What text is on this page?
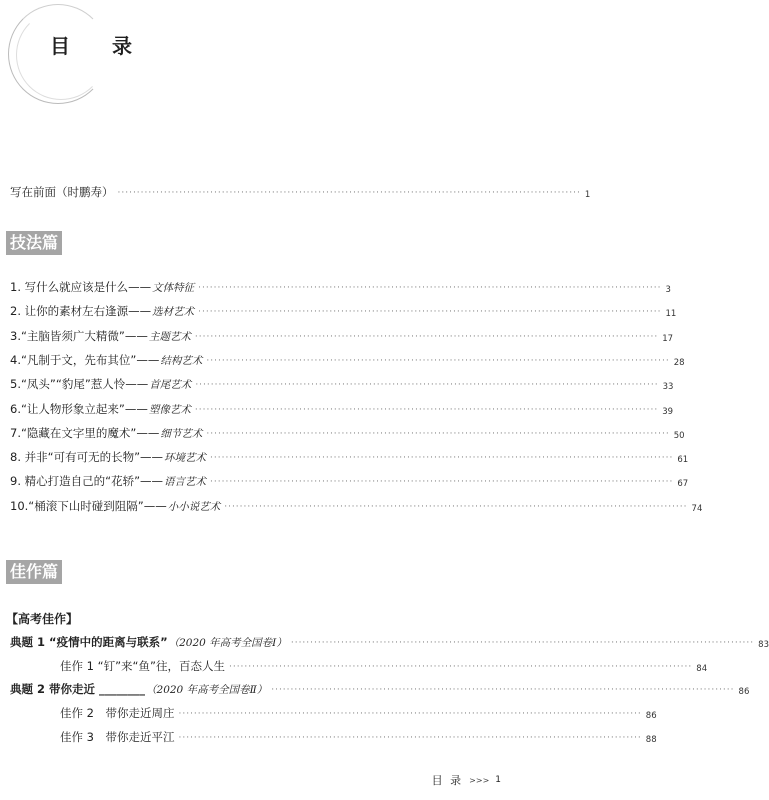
目　录
写在前面（时鹏寿） ························································································································ 1
技法篇
1. 写什么就应该是什么—— 文体特征 ························································································································ 3
2. 让你的素材左右逢源—— 选材艺术 ························································································································ 11
3.“主脑皆须广大精微”—— 主题艺术 ························································································································ 17
4.“凡制于文，先布其位”—— 结构艺术 ························································································································ 28
5.“凤头”“豹尾”惹人怜—— 首尾艺术 ························································································································ 33
6.“让人物形象立起来”—— 塑像艺术 ························································································································ 39
7.“隐藏在文字里的魔术”—— 细节艺术 ························································································································ 50
8. 并非“可有可无的长物”—— 环境艺术 ························································································································ 61
9. 精心打造自己的“花轿”—— 语言艺术 ························································································································ 67
10.“桶滚下山时碰到阻隔”—— 小小说艺术 ························································································································ 74
佳作篇
【高考佳作】
典题 1 “疫情中的距离与联系” （2020 年高考全国卷Ⅰ） ························································································································ 83
佳作 1 “钉”来“鱼”往，百态人生 ························································································································ 84
典题 2 带你走近 ________ （2020 年高考全国卷Ⅱ） ························································································································ 86
佳作 2　带你走近周庄 ························································································································ 86
佳作 3　带你走近平江 ························································································································ 88
目 录 >>> 1
